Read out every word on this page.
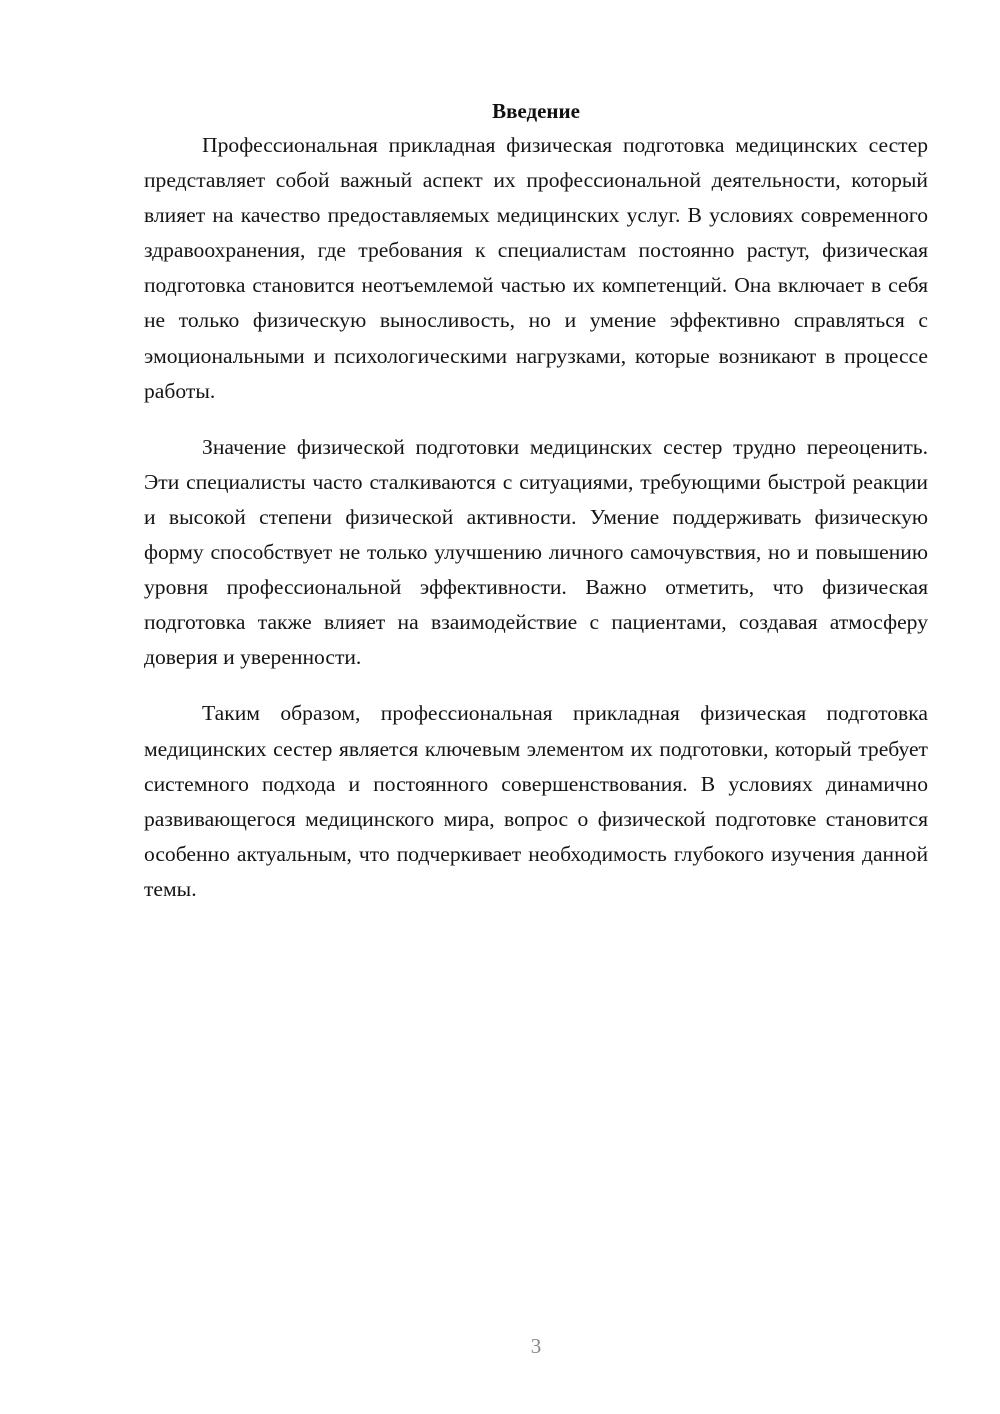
Введение

Профессиональная прикладная физическая подготовка медицинских сестер представляет собой важный аспект их профессиональной деятельности, который влияет на качество предоставляемых медицинских услуг. В условиях современного здравоохранения, где требования к специалистам постоянно растут, физическая подготовка становится неотъемлемой частью их компетенций. Она включает в себя не только физическую выносливость, но и умение эффективно справляться с эмоциональными и психологическими нагрузками, которые возникают в процессе работы.

Значение физической подготовки медицинских сестер трудно переоценить. Эти специалисты часто сталкиваются с ситуациями, требующими быстрой реакции и высокой степени физической активности. Умение поддерживать физическую форму способствует не только улучшению личного самочувствия, но и повышению уровня профессиональной эффективности. Важно отметить, что физическая подготовка также влияет на взаимодействие с пациентами, создавая атмосферу доверия и уверенности.

Таким образом, профессиональная прикладная физическая подготовка медицинских сестер является ключевым элементом их подготовки, который требует системного подхода и постоянного совершенствования. В условиях динамично развивающегося медицинского мира, вопрос о физической подготовке становится особенно актуальным, что подчеркивает необходимость глубокого изучения данной темы.

3
